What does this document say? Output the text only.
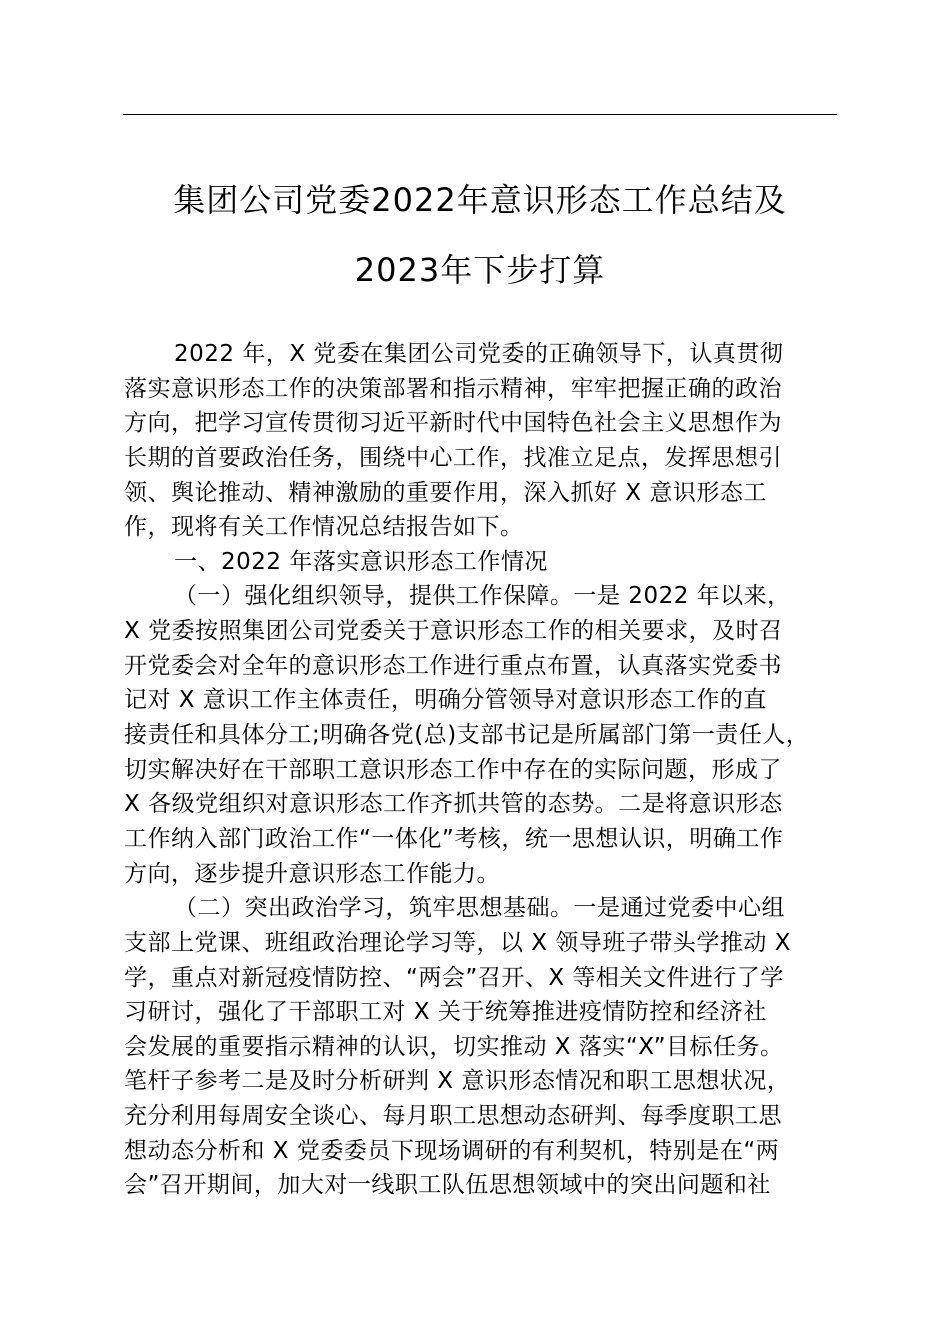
集团公司党委2022年意识形态工作总结及
2023年下步打算
2022 年，X 党委在集团公司党委的正确领导下，认真贯彻
落实意识形态工作的决策部署和指示精神，牢牢把握正确的政治
方向，把学习宣传贯彻习近平新时代中国特色社会主义思想作为
长期的首要政治任务，围绕中心工作，找准立足点，发挥思想引
领、舆论推动、精神激励的重要作用，深入抓好 X 意识形态工
作，现将有关工作情况总结报告如下。
一、2022 年落实意识形态工作情况
（一）强化组织领导，提供工作保障。一是 2022 年以来，
X 党委按照集团公司党委关于意识形态工作的相关要求，及时召
开党委会对全年的意识形态工作进行重点布置，认真落实党委书
记对 X 意识工作主体责任，明确分管领导对意识形态工作的直
接责任和具体分工;明确各党(总)支部书记是所属部门第一责任人，
切实解决好在干部职工意识形态工作中存在的实际问题，形成了
X 各级党组织对意识形态工作齐抓共管的态势。二是将意识形态
工作纳入部门政治工作“一体化”考核，统一思想认识，明确工作
方向，逐步提升意识形态工作能力。
（二）突出政治学习，筑牢思想基础。一是通过党委中心组
支部上党课、班组政治理论学习等，以 X 领导班子带头学推动 X
学，重点对新冠疫情防控、“两会”召开、X 等相关文件进行了学
习研讨，强化了干部职工对 X 关于统筹推进疫情防控和经济社
会发展的重要指示精神的认识，切实推动 X 落实“X”目标任务。
笔杆子参考二是及时分析研判 X 意识形态情况和职工思想状况，
充分利用每周安全谈心、每月职工思想动态研判、每季度职工思
想动态分析和 X 党委委员下现场调研的有利契机，特别是在“两
会”召开期间，加大对一线职工队伍思想领域中的突出问题和社
